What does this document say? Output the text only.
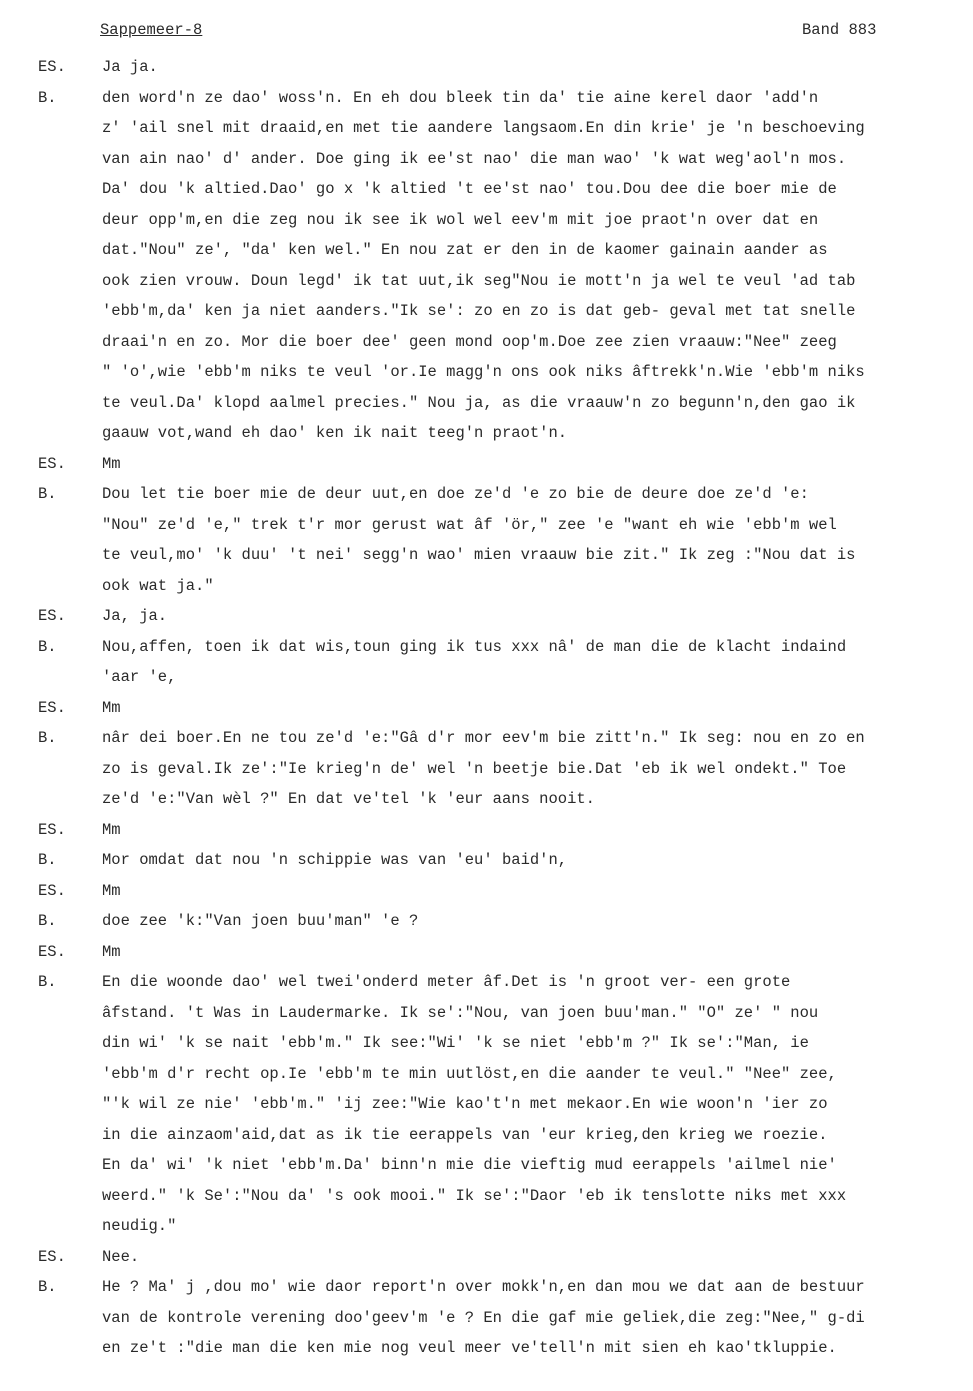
Sappemeer-8	Band 883
ES. Ja ja.
B.	den word'n ze dao' woss'n. En eh dou bleek tin da' tie aine kerel daor 'add'n
z' 'ail snel mit draaid,en met tie aandere langsaom.En din krie' je 'n beschoeving
van ain nao' d' ander. Doe ging ik ee'st nao' die man wao' 'k wat weg'aol'n mos.
Da' dou 'k altied.Dao' go x 'k altied 't ee'st nao' tou.Dou dee die boer mie de
deur opp'm,en die zeg nou ik see ik wol wel eev'm mit joe praot'n over dat en
dat."Nou" ze', "da' ken wel." En nou zat er den in de kaomer gainain aander as
ook zien vrouw. Doun legd' ik tat uut,ik seg"Nou ie mott'n ja wel te veul 'ad tab
'ebb'm,da' ken ja niet aanders."Ik se': zo en zo is dat geb- geval met tat snelle
draai'n en zo. Mor die boer dee' geen mond oop'm.Doe zee zien vraauw:"Nee" zeeg
" 'o',wie 'ebb'm niks te veul 'or.Ie magg'n ons ook niks âftrekk'n.Wie 'ebb'm niks
te veul.Da' klopd aalmel precies." Nou ja, as die vraauw'n zo begunn'n,den gao ik
gaauw vot,wand eh dao' ken ik nait teeg'n praot'n.
ES. Mm
B.	Dou let tie boer mie de deur uut,en doe ze'd 'e zo bie de deure doe ze'd 'e:
"Nou" ze'd 'e," trek t'r mor gerust wat âf 'ör," zee 'e "want eh wie 'ebb'm wel
te veul,mo' 'k duu' 't nei' segg'n wao' mien vraauw bie zit." Ik zeg :"Nou dat is
ook wat ja."
ES. Ja, ja.
B.	Nou,affen, toen ik dat wis,toun ging ik tus xxx nâ' de man die de klacht indaind
'aar 'e,
ES. Mm
B.	nâr dei boer.En ne tou ze'd 'e:"Gâ d'r mor eev'm bie zitt'n." Ik seg: nou en zo en
zo is geval.Ik ze':"Ie krieg'n de' wel 'n beetje bie.Dat 'eb ik wel ondekt." Toe
ze'd 'e:"Van wèl ?" En dat ve'tel 'k 'eur aans nooit.
ES. Mm
B.	Mor omdat dat nou 'n schippie was van 'eu' baid'n,
ES. Mm
B.	doe zee 'k:"Van joen buu'man" 'e ?
ES. Mm
B.	En die woonde dao' wel twei'onderd meter âf.Det is 'n groot ver- een grote
âfstand. 't Was in Laudermarke. Ik se':"Nou, van joen buu'man." "O" ze' " nou
din wi' 'k se nait 'ebb'm." Ik see:"Wi' 'k se niet 'ebb'm ?" Ik se':"Man, ie
'ebb'm d'r recht op.Ie 'ebb'm te min uutlöst,en die aander te veul." "Nee" zee,
"'k wil ze nie' 'ebb'm." 'ij zee:"Wie kao't'n met mekaor.En wie woon'n 'ier zo
in die ainzaom'aid,dat as ik tie eerappels van 'eur krieg,den krieg we roezie.
En da' wi' 'k niet 'ebb'm.Da' binn'n mie die vieftig mud eerappels 'ailmel nie'
weerd." 'k Se':"Nou da' 's ook mooi." Ik se':"Daor 'eb ik tenslotte niks met xxx
neudig."
ES. Nee.
B.	He ? Ma' j ,dou mo' wie daor report'n over mokk'n,en dan mou we dat aan de bestuur
van de kontrole verening doo'geev'm 'e ? En die gaf mie geliek,die zeg:"Nee," g-di
en ze't :"die man die ken mie nog veul meer ve'tell'n mit sien eh kao'tkluppie.
